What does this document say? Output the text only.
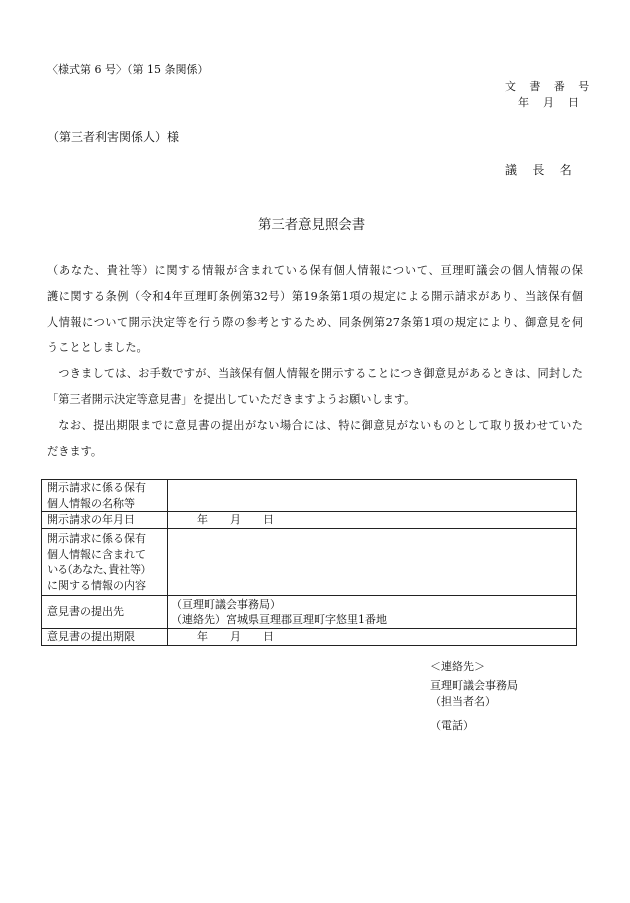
〈様式第 6 号〉（第 15 条関係）
文　書　番　号
年　月　日
（第三者利害関係人）様
議　長　名
第三者意見照会書
（あなた、貴社等）に関する情報が含まれている保有個人情報について、亘理町議会の個人情報の保
護に関する条例（令和4年亘理町条例第32号）第19条第1項の規定による開示請求があり、当該保有個
人情報について開示決定等を行う際の参考とするため、同条例第27条第1項の規定により、御意見を伺
うこととしました。
つきましては、お手数ですが、当該保有個人情報を開示することにつき御意見があるときは、同封した
「第三者開示決定等意見書」を提出していただきますようお願いします。
なお、提出期限までに意見書の提出がない場合には、特に御意見がないものとして取り扱わせていた
だきます。
開示請求に係る保有
個人情報の名称等	

開示請求の年月日	年　　月　　日

開示請求に係る保有
個人情報に含まれて
いる（あなた、貴社等）
に関する情報の内容	

意見書の提出先	（亘理町議会事務局）
（連絡先）宮城県亘理郡亘理町字悠里1番地

意見書の提出期限	年　　月　　日
＜連絡先＞
亘理町議会事務局
（担当者名）
（電話）
